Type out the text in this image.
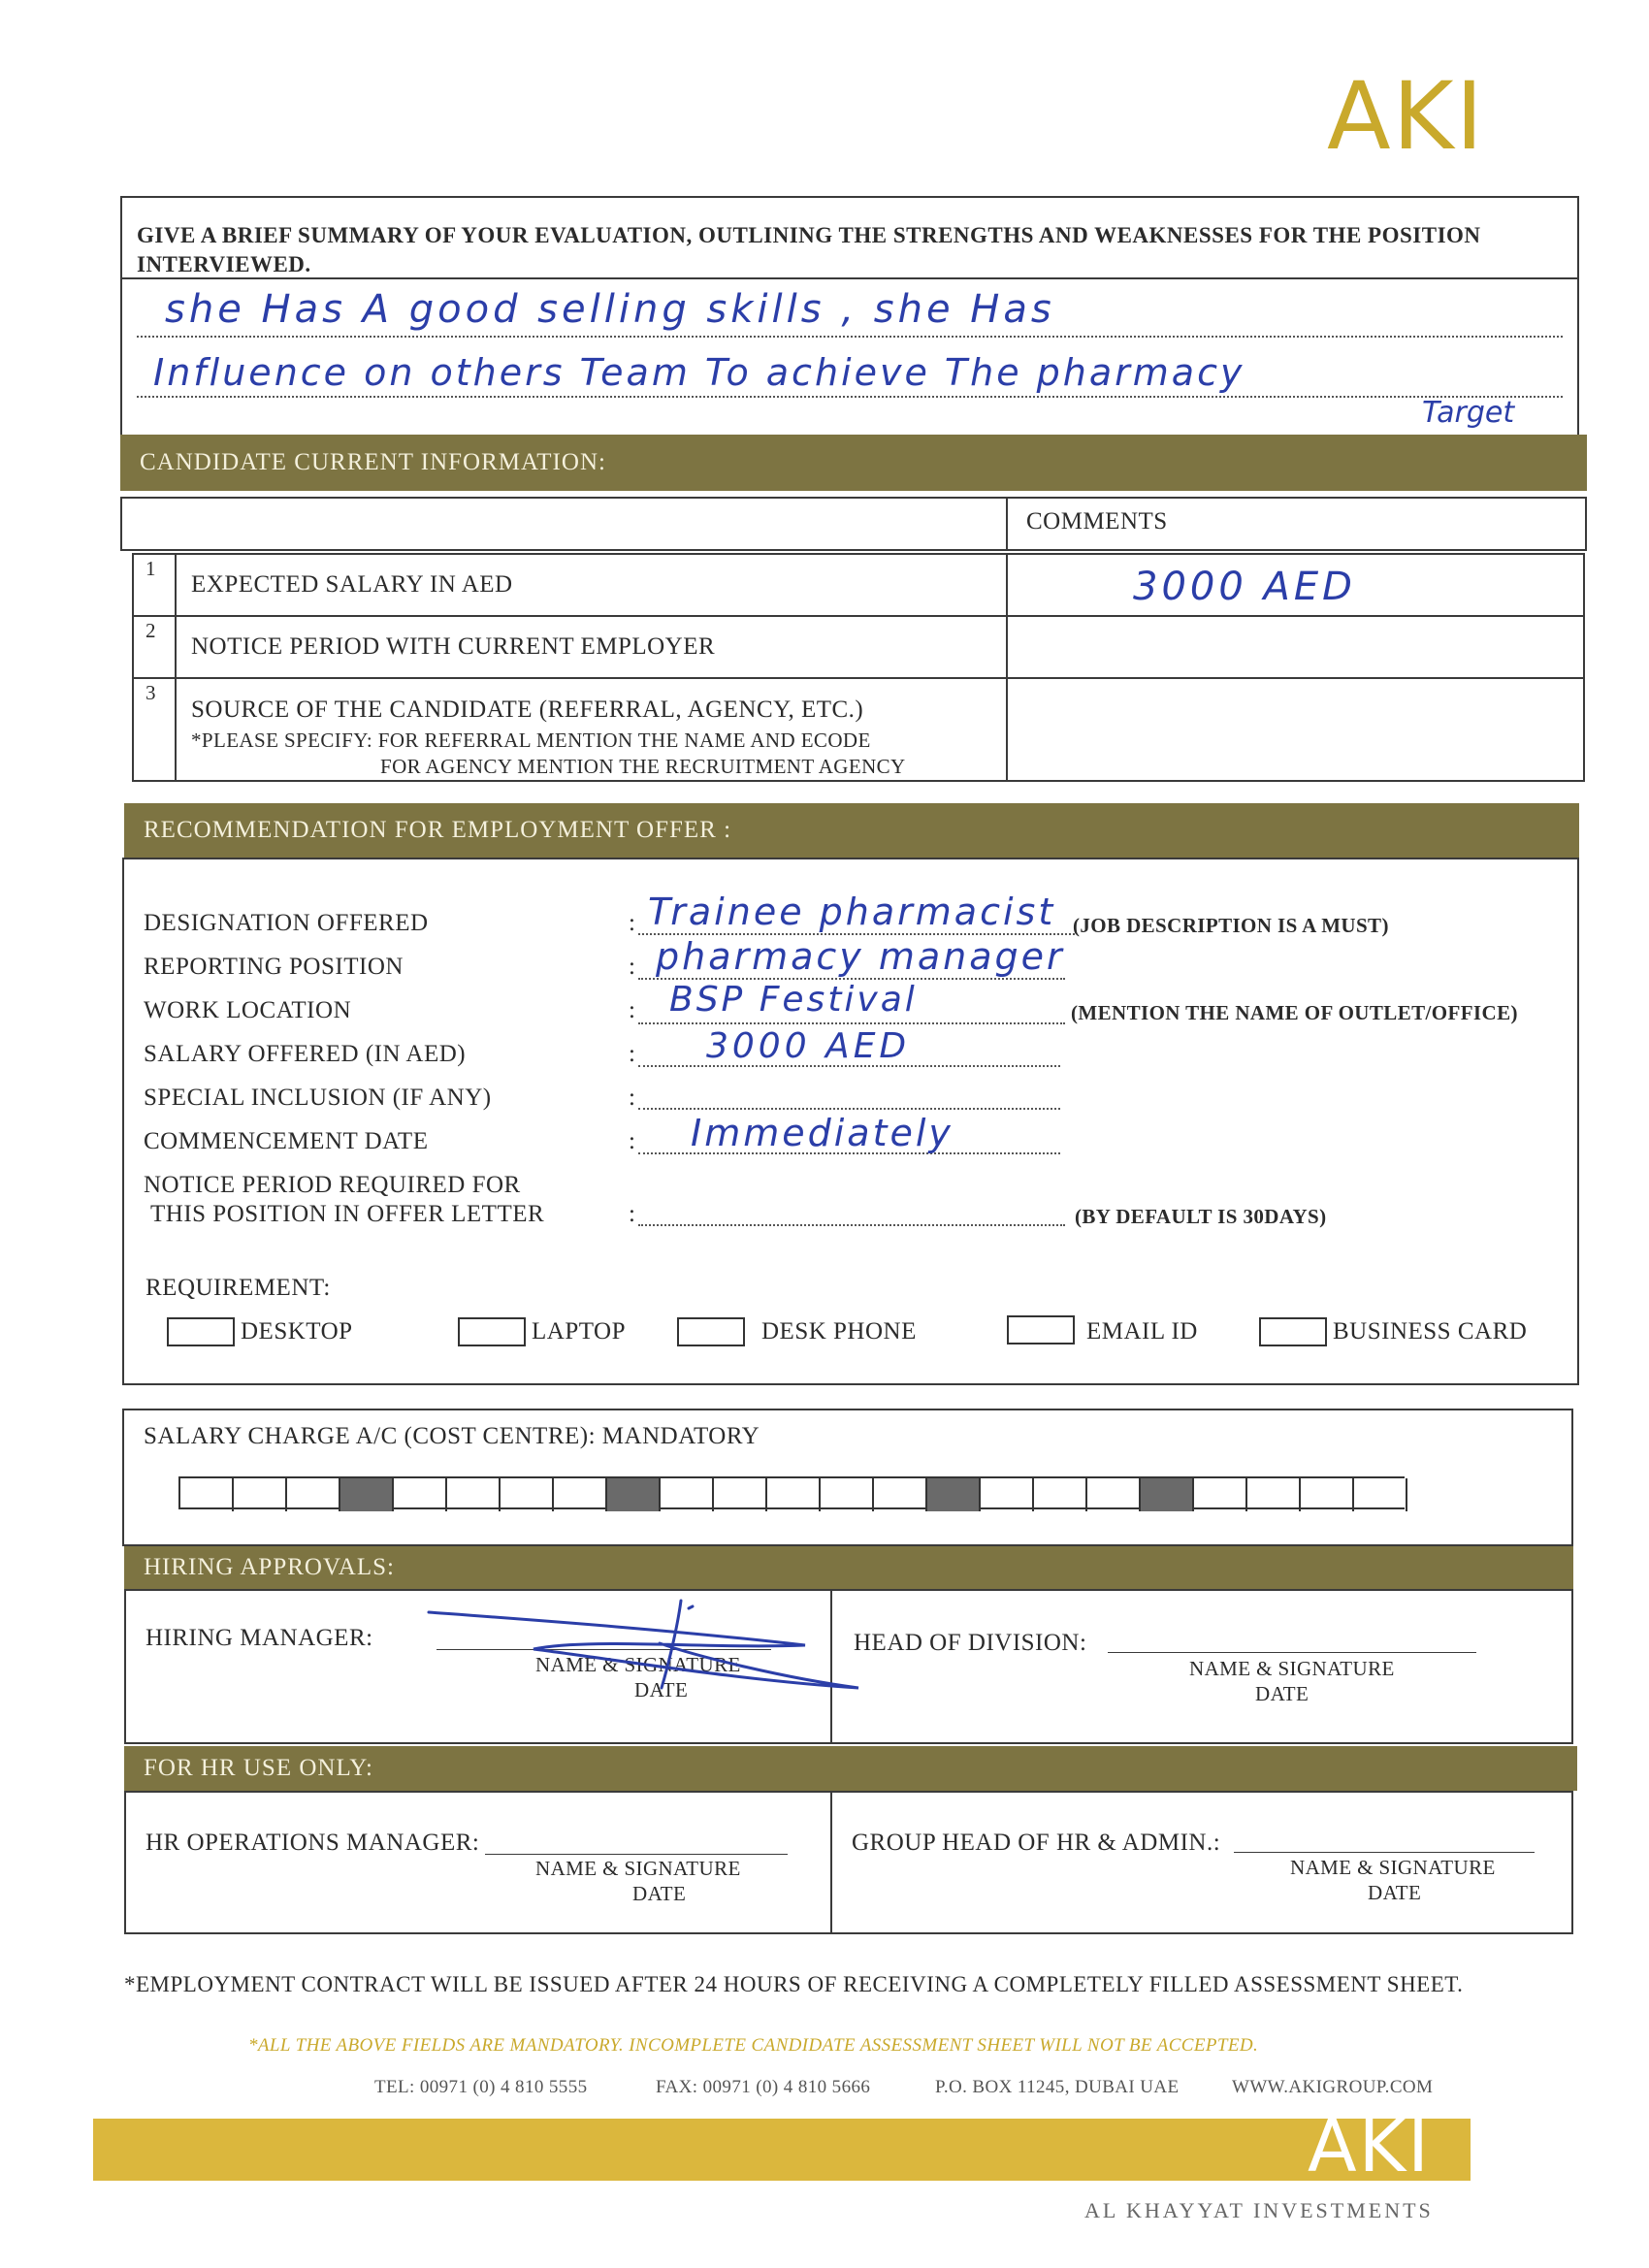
AKI
GIVE A BRIEF SUMMARY OF YOUR EVALUATION, OUTLINING THE STRENGTHS AND WEAKNESSES FOR THE POSITION
INTERVIEWED.
she Has A good selling skills , she Has
Influence on others Team To achieve The pharmacy
Target
CANDIDATE CURRENT INFORMATION:
COMMENTS
1
EXPECTED SALARY IN AED	3000 AED
2
NOTICE PERIOD WITH CURRENT EMPLOYER
3
SOURCE OF THE CANDIDATE (REFERRAL, AGENCY, ETC.)
*PLEASE SPECIFY: FOR REFERRAL MENTION THE NAME AND ECODE
FOR AGENCY MENTION THE RECRUITMENT AGENCY
RECOMMENDATION FOR EMPLOYMENT OFFER :
DESIGNATION OFFERED	: Trainee pharmacist (JOB DESCRIPTION IS A MUST)
REPORTING POSITION	: pharmacy manager
WORK LOCATION	: BSP Festival	(MENTION THE NAME OF OUTLET/OFFICE)
SALARY OFFERED (IN AED)	: 3000 AED
SPECIAL INCLUSION (IF ANY)	:
COMMENCEMENT DATE	: Immediately
NOTICE PERIOD REQUIRED FOR
THIS POSITION IN OFFER LETTER	:	(BY DEFAULT IS 30DAYS)
REQUIREMENT:
DESKTOP	LAPTOP	DESK PHONE	EMAIL ID	BUSINESS CARD
SALARY CHARGE A/C (COST CENTRE): MANDATORY
HIRING APPROVALS:
HIRING MANAGER:
NAME & SIGNATURE
DATE
HEAD OF DIVISION:
NAME & SIGNATURE
DATE
FOR HR USE ONLY:
HR OPERATIONS MANAGER:
NAME & SIGNATURE
DATE
GROUP HEAD OF HR & ADMIN.:
NAME & SIGNATURE
DATE
*EMPLOYMENT CONTRACT WILL BE ISSUED AFTER 24 HOURS OF RECEIVING A COMPLETELY FILLED ASSESSMENT SHEET.
*ALL THE ABOVE FIELDS ARE MANDATORY. INCOMPLETE CANDIDATE ASSESSMENT SHEET WILL NOT BE ACCEPTED.
TEL: 00971 (0) 4 810 5555	FAX: 00971 (0) 4 810 5666	P.O. BOX 11245, DUBAI UAE	WWW.AKIGROUP.COM
AKI
AL KHAYYAT INVESTMENTS
